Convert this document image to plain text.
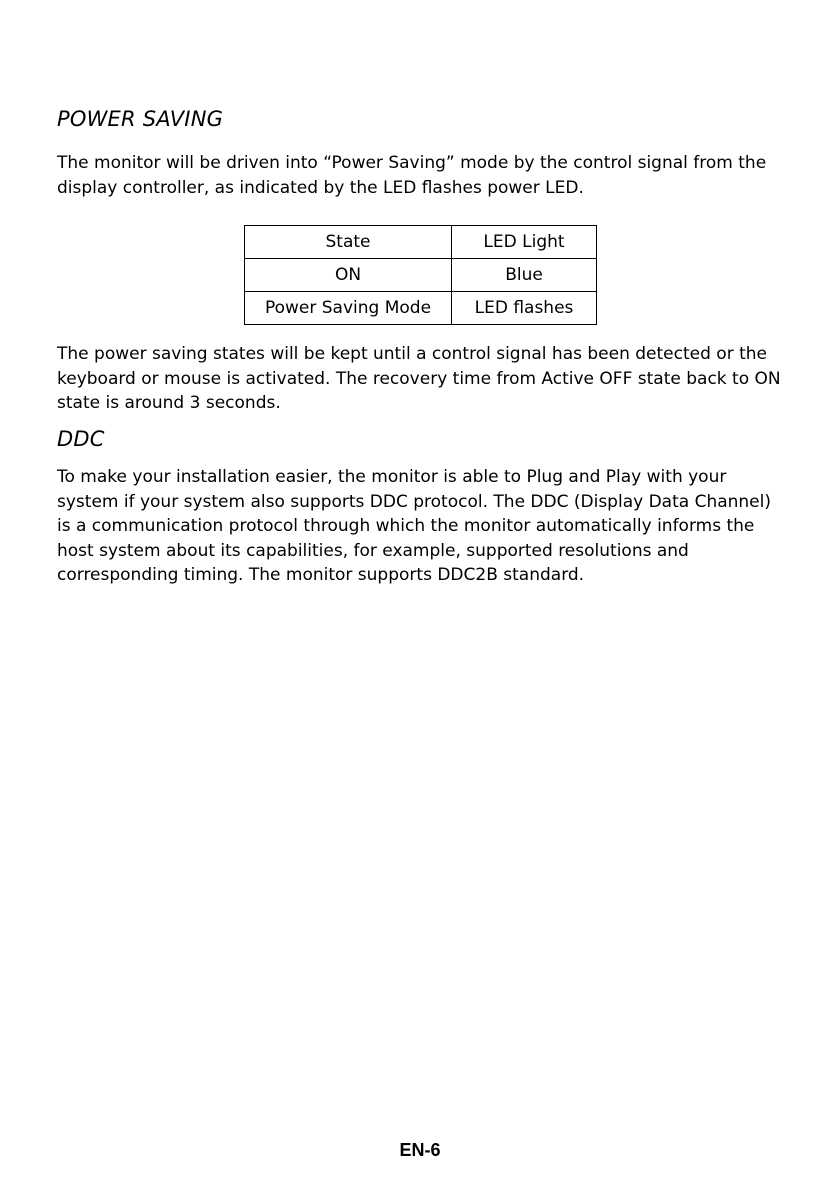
POWER SAVING

The monitor will be driven into “Power Saving” mode by the control signal from the display controller, as indicated by the LED flashes power LED.

State	LED Light
ON	Blue
Power Saving Mode	LED flashes

The power saving states will be kept until a control signal has been detected or the keyboard or mouse is activated. The recovery time from Active OFF state back to ON state is around 3 seconds.

DDC

To make your installation easier, the monitor is able to Plug and Play with your system if your system also supports DDC protocol. The DDC (Display Data Channel) is a communication protocol through which the monitor automatically informs the host system about its capabilities, for example, supported resolutions and corresponding timing. The monitor supports DDC2B standard.

EN-6
